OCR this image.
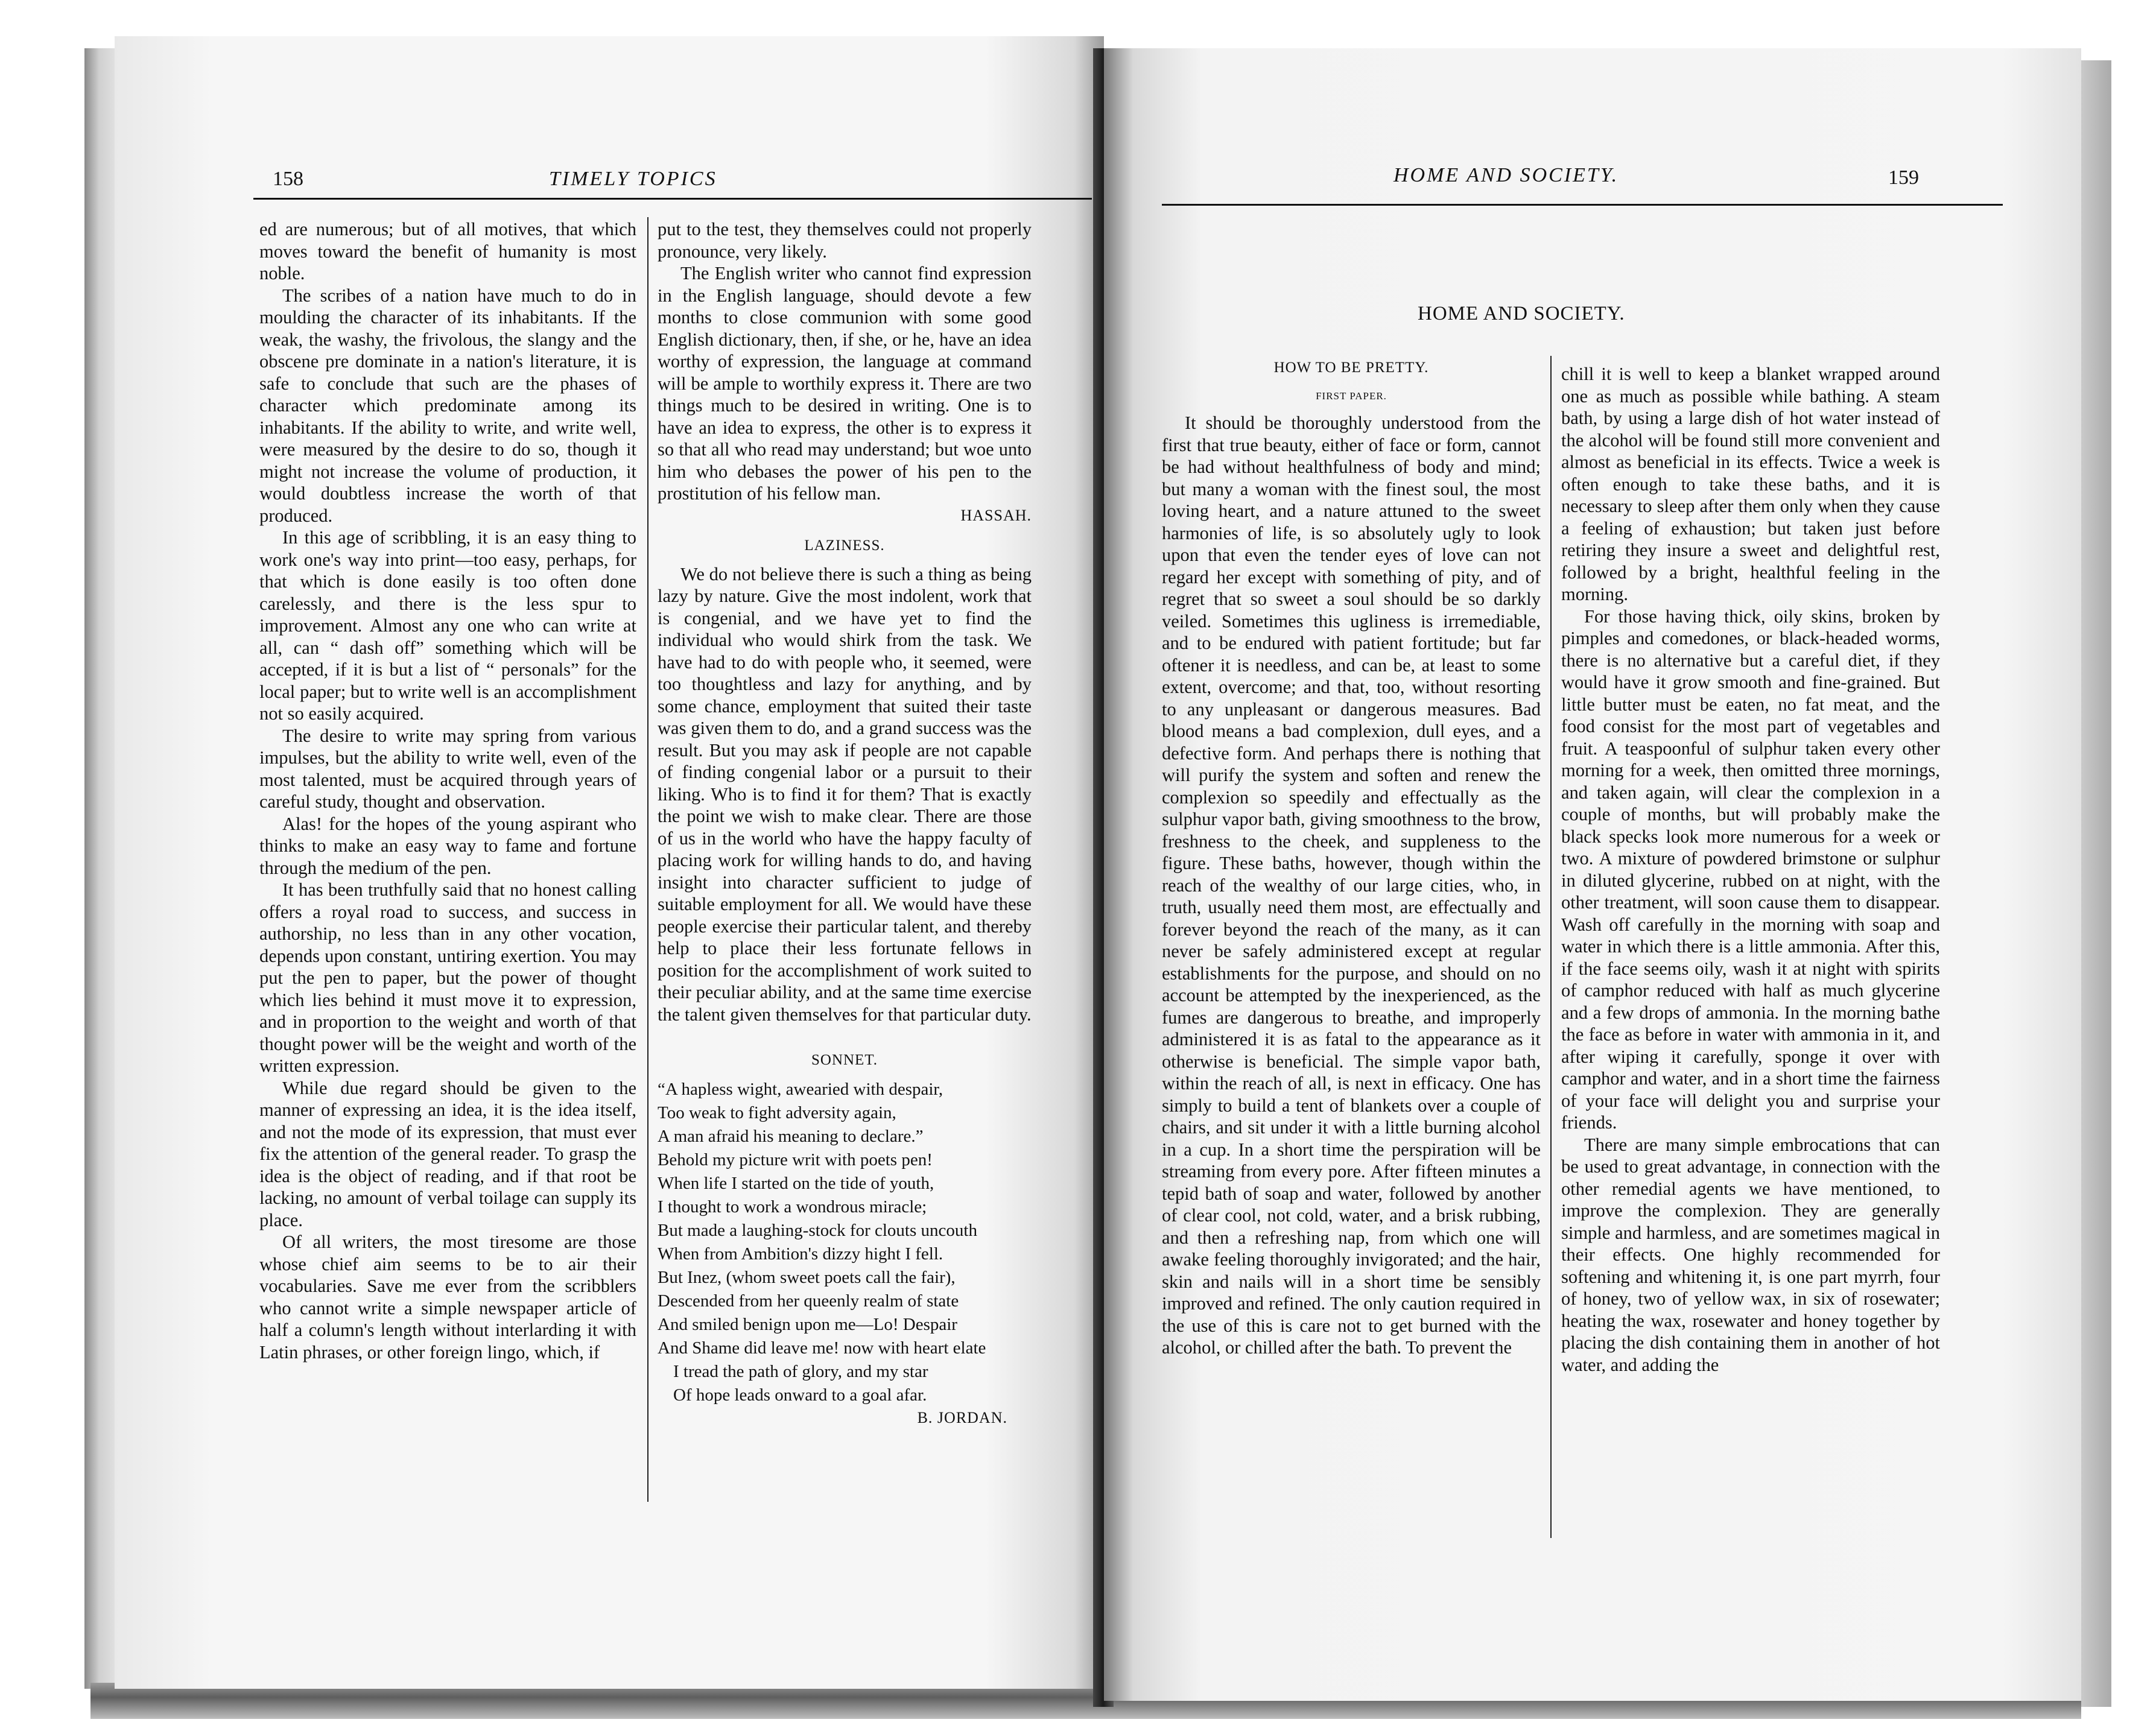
158	TIMELY TOPICS

ed are numerous; but of all motives, that which moves toward the benefit of humanity is most noble.

The scribes of a nation have much to do in moulding the character of its inhabitants. If the weak, the washy, the frivolous, the slangy and the obscene pre dominate in a nation's literature, it is safe to conclude that such are the phases of character which predominate among its inhabitants. If the ability to write, and write well, were measured by the desire to do so, though it might not increase the volume of production, it would doubtless increase the worth of that produced.

In this age of scribbling, it is an easy thing to work one's way into print—too easy, perhaps, for that which is done easily is too often done carelessly, and there is the less spur to improvement. Almost any one who can write at all, can “ dash off” something which will be accepted, if it is but a list of “ personals” for the local paper; but to write well is an accomplishment not so easily acquired.

The desire to write may spring from various impulses, but the ability to write well, even of the most talented, must be acquired through years of careful study, thought and observation.

Alas! for the hopes of the young aspirant who thinks to make an easy way to fame and fortune through the medium of the pen.

It has been truthfully said that no honest calling offers a royal road to success, and success in authorship, no less than in any other vocation, depends upon constant, untiring exertion. You may put the pen to paper, but the power of thought which lies behind it must move it to expression, and in proportion to the weight and worth of that thought power will be the weight and worth of the written expression.

While due regard should be given to the manner of expressing an idea, it is the idea itself, and not the mode of its expression, that must ever fix the attention of the general reader. To grasp the idea is the object of reading, and if that root be lacking, no amount of verbal toilage can supply its place.

Of all writers, the most tiresome are those whose chief aim seems to be to air their vocabularies. Save me ever from the scribblers who cannot write a simple newspaper article of half a column's length without interlarding it with Latin phrases, or other foreign lingo, which, if

put to the test, they themselves could not properly pronounce, very likely.

The English writer who cannot find expression in the English language, should devote a few months to close communion with some good English dictionary, then, if she, or he, have an idea worthy of expression, the language at command will be ample to worthily express it. There are two things much to be desired in writing. One is to have an idea to express, the other is to express it so that all who read may understand; but woe unto him who debases the power of his pen to the prostitution of his fellow man.

HASSAH.
LAZINESS.

We do not believe there is such a thing as being lazy by nature. Give the most indolent, work that is congenial, and we have yet to find the individual who would shirk from the task. We have had to do with people who, it seemed, were too thoughtless and lazy for anything, and by some chance, employment that suited their taste was given them to do, and a grand success was the result. But you may ask if people are not capable of finding congenial labor or a pursuit to their liking. Who is to find it for them? That is exactly the point we wish to make clear. There are those of us in the world who have the happy faculty of placing work for willing hands to do, and having insight into character sufficient to judge of suitable employment for all. We would have these people exercise their particular talent, and thereby help to place their less fortunate fellows in position for the accomplishment of work suited to their peculiar ability, and at the same time exercise the talent given themselves for that particular duty.

SONNET.
“A hapless wight, awearied with despair,
Too weak to fight adversity again,
A man afraid his meaning to declare.”
Behold my picture writ with poets pen!
When life I started on the tide of youth,
I thought to work a wondrous miracle;
But made a laughing-stock for clouts uncouth
When from Ambition's dizzy hight I fell.
But Inez, (whom sweet poets call the fair),
Descended from her queenly realm of state
And smiled benign upon me—Lo! Despair
And Shame did leave me! now with heart elate
I tread the path of glory, and my star
Of hope leads onward to a goal afar.
B. JORDAN.
HOME AND SOCIETY.	159
HOME AND SOCIETY.
HOW TO BE PRETTY.
FIRST PAPER.

It should be thoroughly understood from the first that true beauty, either of face or form, cannot be had without healthfulness of body and mind; but many a woman with the finest soul, the most loving heart, and a nature attuned to the sweet harmonies of life, is so absolutely ugly to look upon that even the tender eyes of love can not regard her except with something of pity, and of regret that so sweet a soul should be so darkly veiled. Sometimes this ugliness is irremediable, and to be endured with patient fortitude; but far oftener it is needless, and can be, at least to some extent, overcome; and that, too, without resorting to any unpleasant or dangerous measures. Bad blood means a bad complexion, dull eyes, and a defective form. And perhaps there is nothing that will purify the system and soften and renew the complexion so speedily and effectually as the sulphur vapor bath, giving smoothness to the brow, freshness to the cheek, and suppleness to the figure. These baths, however, though within the reach of the wealthy of our large cities, who, in truth, usually need them most, are effectually and forever beyond the reach of the many, as it can never be safely administered except at regular establishments for the purpose, and should on no account be attempted by the inexperienced, as the fumes are dangerous to breathe, and improperly administered it is as fatal to the appearance as it otherwise is beneficial. The simple vapor bath, within the reach of all, is next in efficacy. One has simply to build a tent of blankets over a couple of chairs, and sit under it with a little burning alcohol in a cup. In a short time the perspiration will be streaming from every pore. After fifteen minutes a tepid bath of soap and water, followed by another of clear cool, not cold, water, and a brisk rubbing, and then a refreshing nap, from which one will awake feeling thoroughly invigorated; and the hair, skin and nails will in a short time be sensibly improved and refined. The only caution required in the use of this is care not to get burned with the alcohol, or chilled after the bath. To prevent the

chill it is well to keep a blanket wrapped around one as much as possible while bathing. A steam bath, by using a large dish of hot water instead of the alcohol will be found still more convenient and almost as beneficial in its effects. Twice a week is often enough to take these baths, and it is necessary to sleep after them only when they cause a feeling of exhaustion; but taken just before retiring they insure a sweet and delightful rest, followed by a bright, healthful feeling in the morning.

For those having thick, oily skins, broken by pimples and comedones, or black-headed worms, there is no alternative but a careful diet, if they would have it grow smooth and fine-grained. But little butter must be eaten, no fat meat, and the food consist for the most part of vegetables and fruit. A teaspoonful of sulphur taken every other morning for a week, then omitted three mornings, and taken again, will clear the complexion in a couple of months, but will probably make the black specks look more numerous for a week or two. A mixture of powdered brimstone or sulphur in diluted glycerine, rubbed on at night, with the other treatment, will soon cause them to disappear. Wash off carefully in the morning with soap and water in which there is a little ammonia. After this, if the face seems oily, wash it at night with spirits of camphor reduced with half as much glycerine and a few drops of ammonia. In the morning bathe the face as before in water with ammonia in it, and after wiping it carefully, sponge it over with camphor and water, and in a short time the fairness of your face will delight you and surprise your friends.

There are many simple embrocations that can be used to great advantage, in connection with the other remedial agents we have mentioned, to improve the complexion. They are generally simple and harmless, and are sometimes magical in their effects. One highly recommended for softening and whitening it, is one part myrrh, four of honey, two of yellow wax, in six of rosewater; heating the wax, rosewater and honey together by placing the dish containing them in another of hot water, and adding the
